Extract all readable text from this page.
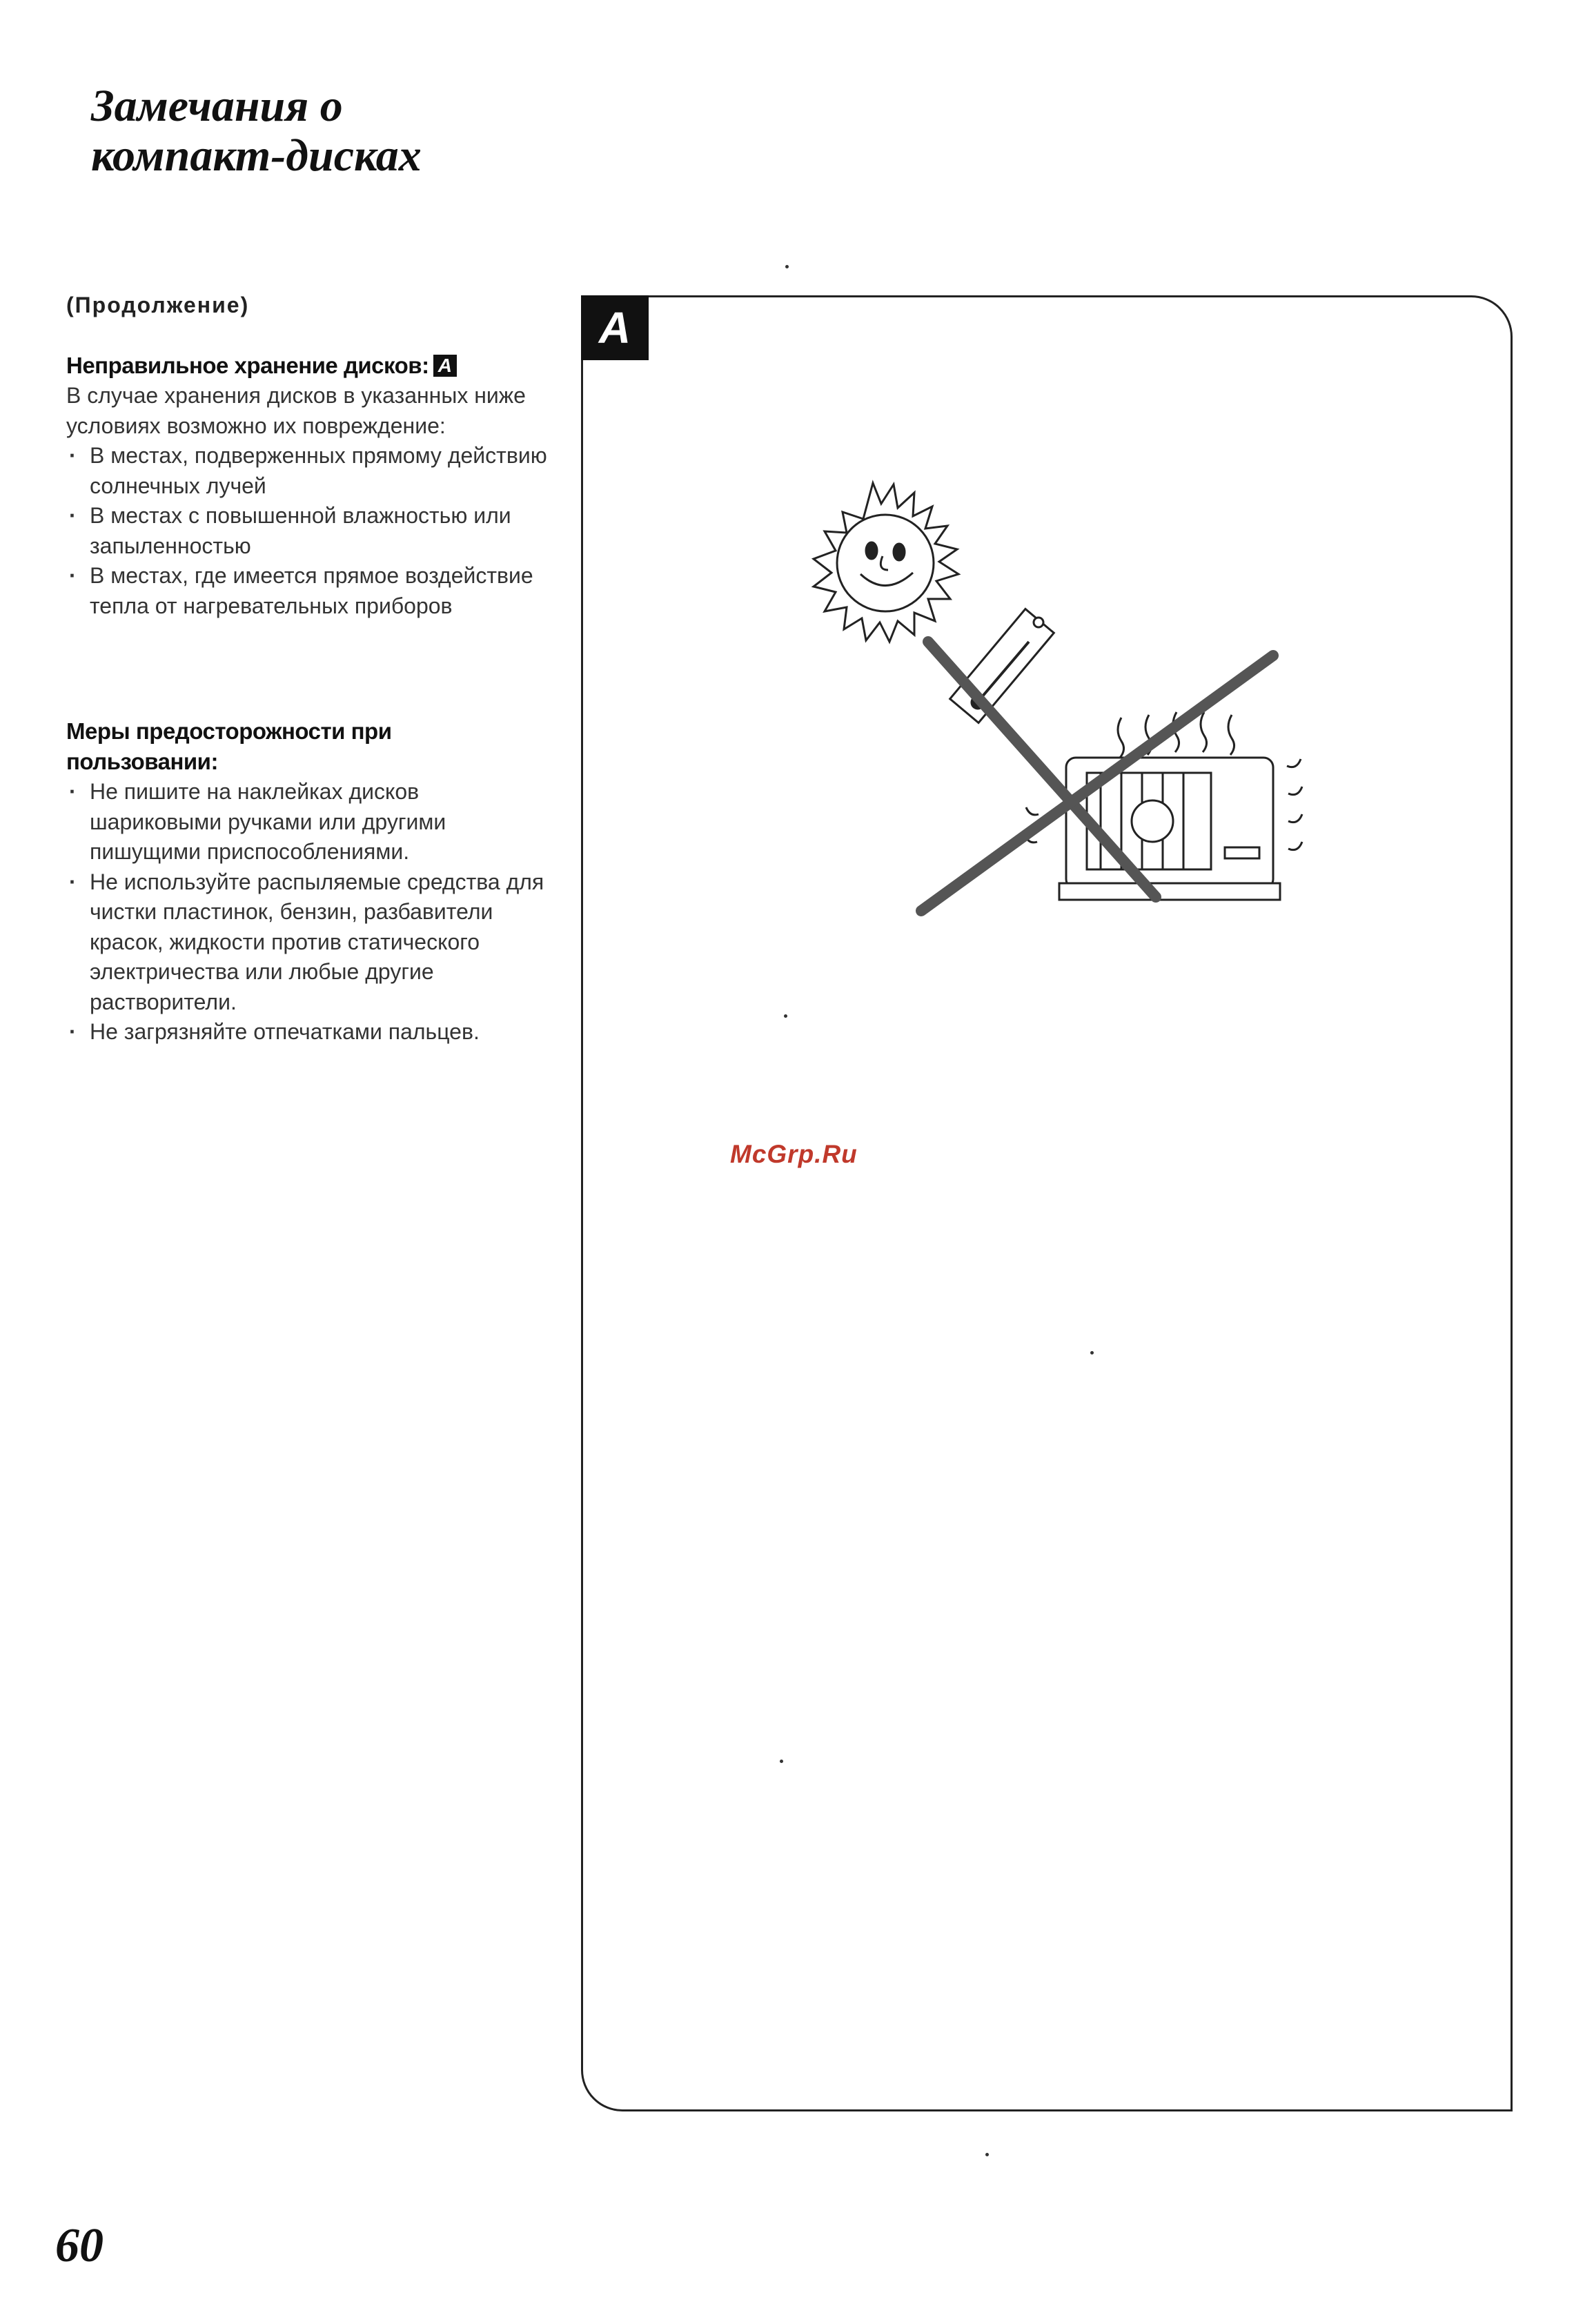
Замечания о
компакт-дисках
(Продолжение)
Неправильное хранение дисков: A

В случае хранения дисков в указанных ниже условиях возможно их повреждение:

· В местах, подверженных прямому действию солнечных лучей
· В местах с повышенной влажностью или запыленностью
· В местах, где имеется прямое воздействие тепла от нагревательных приборов
Меры предосторожности при пользовании:
· Не пишите на наклейках дисков шариковыми ручками или другими пишущими приспособлениями.
· Не используйте распыляемые средства для чистки пластинок, бензин, разбавители красок, жидкости против статического электричества или любые другие растворители.
· Не загрязняйте отпечатками пальцев.
A
McGrp.Ru
60
